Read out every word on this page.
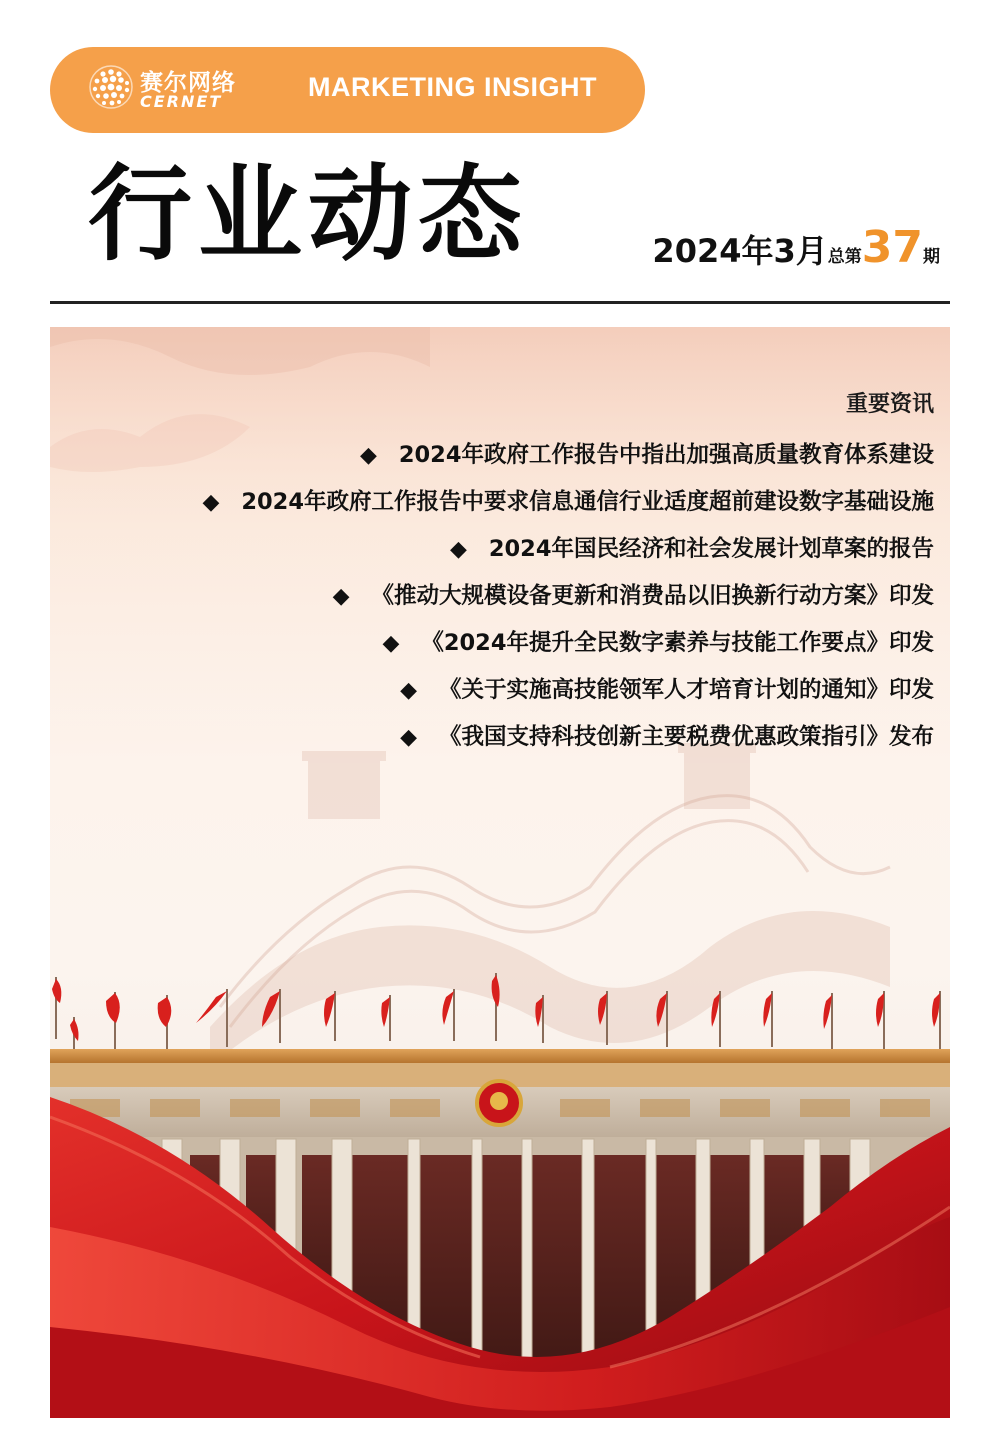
赛尔网络
CERNET	MARKETING INSIGHT
行业动态	2024年3月总第37期
重要资讯
◆ 2024年政府工作报告中指出加强高质量教育体系建设
◆ 2024年政府工作报告中要求信息通信行业适度超前建设数字基础设施
◆ 2024年国民经济和社会发展计划草案的报告
◆ 《推动大规模设备更新和消费品以旧换新行动方案》印发
◆ 《2024年提升全民数字素养与技能工作要点》印发
◆ 《关于实施高技能领军人才培育计划的通知》印发
◆ 《我国支持科技创新主要税费优惠政策指引》发布
